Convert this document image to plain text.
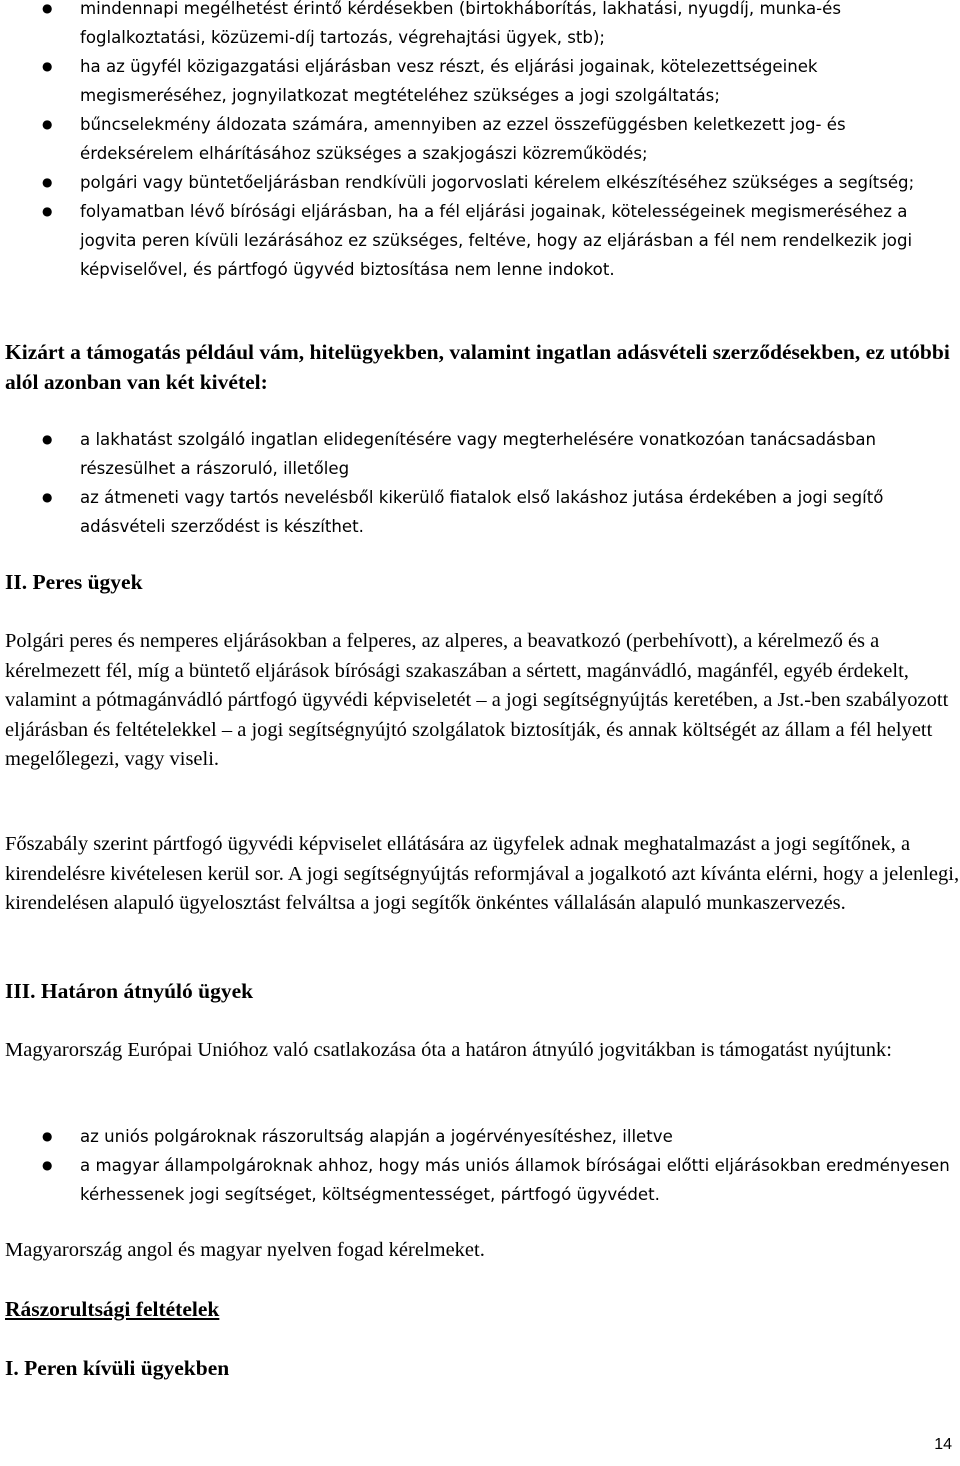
● mindennapi megélhetést érintő kérdésekben (birtokháborítás, lakhatási, nyugdíj, munka-és foglalkoztatási, közüzemi-díj tartozás, végrehajtási ügyek, stb);
● ha az ügyfél közigazgatási eljárásban vesz részt, és eljárási jogainak, kötelezettségeinek megismeréséhez, jognyilatkozat megtételéhez szükséges a jogi szolgáltatás;
● bűncselekmény áldozata számára, amennyiben az ezzel összefüggésben keletkezett jog- és érdeksérelem elhárításához szükséges a szakjogászi közreműködés;
● polgári vagy büntetőeljárásban rendkívüli jogorvoslati kérelem elkészítéséhez szükséges a segítség;
● folyamatban lévő bírósági eljárásban, ha a fél eljárási jogainak, kötelességeinek megismeréséhez a jogvita peren kívüli lezárásához ez szükséges, feltéve, hogy az eljárásban a fél nem rendelkezik jogi képviselővel, és pártfogó ügyvéd biztosítása nem lenne indokot.
Kizárt a támogatás például vám, hitelügyekben, valamint ingatlan adásvételi szerződésekben, ez utóbbi alól azonban van két kivétel:
● a lakhatást szolgáló ingatlan elidegenítésére vagy megterhelésére vonatkozóan tanácsadásban részesülhet a rászoruló, illetőleg
● az átmeneti vagy tartós nevelésből kikerülő fiatalok első lakáshoz jutása érdekében a jogi segítő adásvételi szerződést is készíthet.
II. Peres ügyek
Polgári peres és nemperes eljárásokban a felperes, az alperes, a beavatkozó (perbehívott), a kérelmező és a kérelmezett fél, míg a büntető eljárások bírósági szakaszában a sértett, magánvádló, magánfél, egyéb érdekelt, valamint a pótmagánvádló pártfogó ügyvédi képviseletét – a jogi segítségnyújtás keretében, a Jst.-ben szabályozott eljárásban és feltételekkel – a jogi segítségnyújtó szolgálatok biztosítják, és annak költségét az állam a fél helyett megelőlegezi, vagy viseli.
Főszabály szerint pártfogó ügyvédi képviselet ellátására az ügyfelek adnak meghatalmazást a jogi segítőnek, a kirendelésre kivételesen kerül sor. A jogi segítségnyújtás reformjával a jogalkotó azt kívánta elérni, hogy a jelenlegi, kirendelésen alapuló ügyelosztást felváltsa a jogi segítők önkéntes vállalásán alapuló munkaszervezés.
III. Határon átnyúló ügyek
Magyarország Európai Unióhoz való csatlakozása óta a határon átnyúló jogvitákban is támogatást nyújtunk:
● az uniós polgároknak rászorultság alapján a jogérvényesítéshez, illetve
● a magyar állampolgároknak ahhoz, hogy más uniós államok bíróságai előtti eljárásokban eredményesen kérhessenek jogi segítséget, költségmentességet, pártfogó ügyvédet.
Magyarország angol és magyar nyelven fogad kérelmeket.
Rászorultsági feltételek
I. Peren kívüli ügyekben
14
